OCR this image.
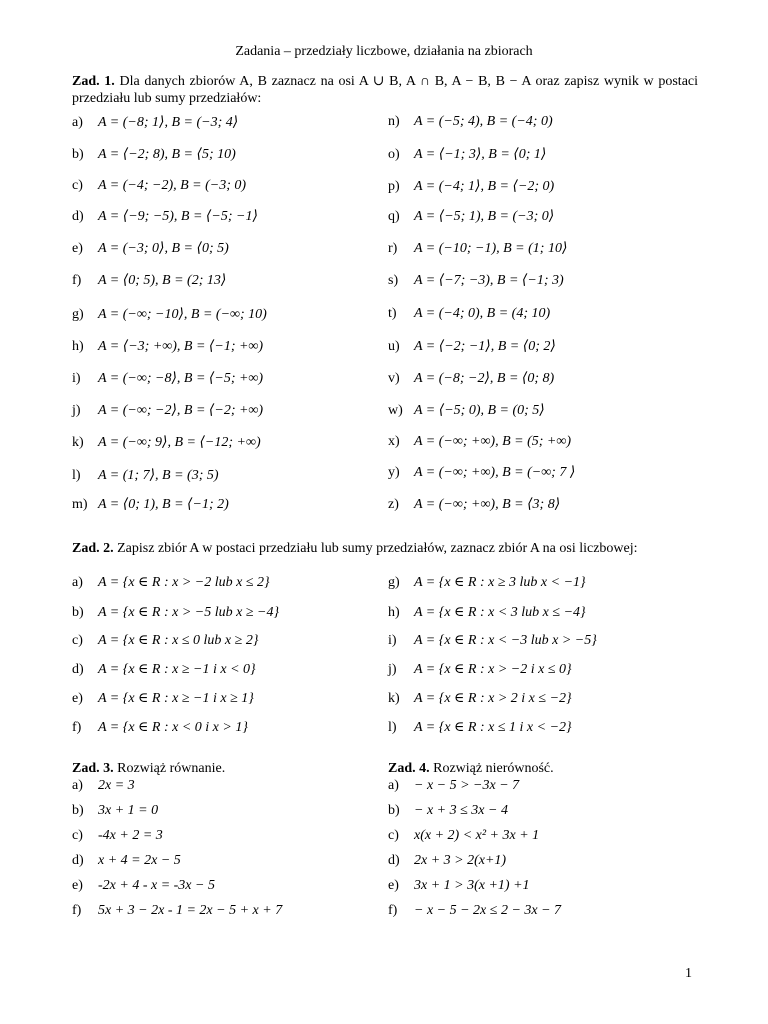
Zadania – przedziały liczbowe, działania na zbiorach
Zad. 1. Dla danych zbiorów A, B zaznacz na osi A ∪ B, A ∩ B, A − B, B − A oraz zapisz wynik w postaci przedziału lub sumy przedziałów:
a) A = (−8; 1⟩, B = (−3; 4⟩
b) A = ⟨−2; 8), B = ⟨5; 10)
c) A = (−4; −2), B = (−3; 0)
d) A = ⟨−9; −5), B = ⟨−5; −1⟩
e) A = (−3; 0⟩, B = ⟨0; 5)
f) A = ⟨0; 5), B = (2; 13⟩
g) A = (−∞; −10⟩, B = (−∞; 10)
h) A = ⟨−3; +∞), B = ⟨−1; +∞)
i) A = (−∞; −8⟩, B = ⟨−5; +∞)
j) A = (−∞; −2⟩, B = ⟨−2; +∞)
k) A = (−∞; 9⟩, B = ⟨−12; +∞)
l) A = (1; 7⟩, B = (3; 5)
m) A = ⟨0; 1), B = ⟨−1; 2)
n) A = (−5; 4), B = (−4; 0)
o) A = ⟨−1; 3⟩, B = ⟨0; 1⟩
p) A = (−4; 1⟩, B = ⟨−2; 0)
q) A = ⟨−5; 1), B = (−3; 0⟩
r) A = (−10; −1), B = (1; 10⟩
s) A = ⟨−7; −3), B = ⟨−1; 3)
t) A = (−4; 0), B = (4; 10)
u) A = ⟨−2; −1⟩, B = ⟨0; 2⟩
v) A = (−8; −2⟩, B = ⟨0; 8)
w) A = ⟨−5; 0), B = (0; 5⟩
x) A = (−∞; +∞), B = (5; +∞)
y) A = (−∞; +∞), B = (−∞; 7 ⟩
z) A = (−∞; +∞), B = ⟨3; 8⟩
Zad. 2. Zapisz zbiór A w postaci przedziału lub sumy przedziałów, zaznacz zbiór A na osi liczbowej:
a) A = {x ∈ R : x > −2 lub x ≤ 2}
b) A = {x ∈ R : x > −5 lub x ≥ −4}
c) A = {x ∈ R : x ≤ 0 lub x ≥ 2}
d) A = {x ∈ R : x ≥ −1 i x < 0}
e) A = {x ∈ R : x ≥ −1 i x ≥ 1}
f) A = {x ∈ R : x < 0 i x > 1}
g) A = {x ∈ R : x ≥ 3 lub x < −1}
h) A = {x ∈ R : x < 3 lub x ≤ −4}
i) A = {x ∈ R : x < −3 lub x > −5}
j) A = {x ∈ R : x > −2 i x ≤ 0}
k) A = {x ∈ R : x > 2 i x ≤ −2}
l) A = {x ∈ R : x ≤ 1 i x < −2}
Zad. 3. Rozwiąż równanie.
a) 2x = 3
b) 3x + 1 = 0
c) -4x + 2 = 3
d) x + 4 = 2x − 5
e) -2x + 4 - x = -3x − 5
f) 5x + 3 − 2x - 1 = 2x − 5 + x + 7
Zad. 4. Rozwiąż nierówność.
a) − x − 5 > −3x − 7
b) − x + 3 ≤ 3x − 4
c) x(x + 2) < x² + 3x + 1
d) 2x + 3 > 2(x+1)
e) 3x + 1 > 3(x +1) +1
f) − x − 5 − 2x ≤ 2 − 3x − 7
1
